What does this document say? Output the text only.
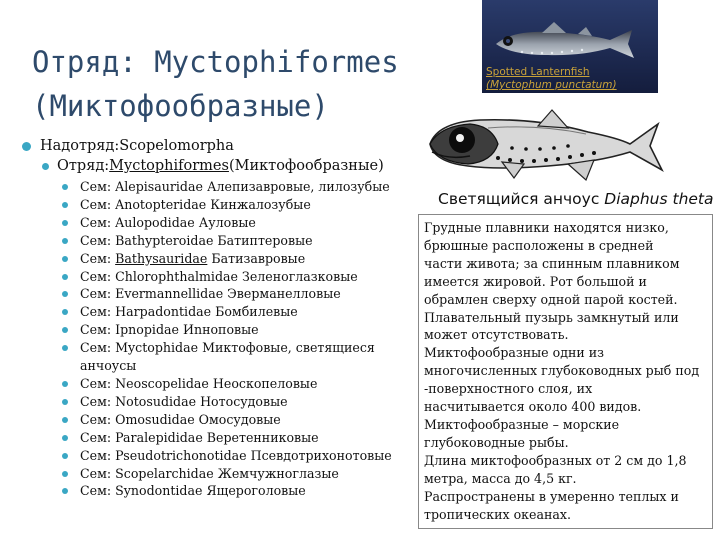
Отряд: Myctophiformes
(Миктофообразные)
Spotted Lanternfish
(Myctophum punctatum)
Светящийся анчоус Diaphus theta
Надотряд: Scopelomorpha
Отряд: Myctophiformes (Миктофообразные)
Сем: Alepisauridae Алепизавровые, лилозубые
Сем: Anotopteridae Кинжалозубые
Сем: Aulopodidae Ауловые
Сем: Bathypteroidae Батиптеровые
Сем: Bathysauridae Батизавровые
Сем: Chlorophthalmidae Зеленоглазковые
Сем: Evermannellidae Эверманелловые
Сем: Harpadontidae Бомбилевые
Сем: Ipnopidae Иnноповые
Сем: Myctophidae Миктофовые, светящиеся анчоусы
Сем: Neoscopelidae Неоскопеловые
Сем: Notosudidae Нотосудовые
Сем: Omosudidae Омосудовые
Сем: Paralepididae Веретенниковые
Сем: Pseudotrichonotidae Псевдотрихонотовые
Сем: Scopelarchidae Жемчужноглазые
Сем: Synodontidae Ящероголовые

Грудные плавники находятся низко,

брюшные расположены в средней

части живота; за спинным плавником

имеется жировой. Рот большой и

обрамлен сверху одной парой костей.

Плавательный пузырь замкнутый или

может отсутствовать.

Миктофообразные одни из

многочисленных глубоководных рыб под

-поверхностного слоя, их

насчитывается около 400 видов.

Миктофообразные – морские

глубоководные рыбы.

Длина миктофообразных от 2 см до 1,8

метра, масса до 4,5 кг.

Распространены в умеренно теплых и

тропических океанах.
